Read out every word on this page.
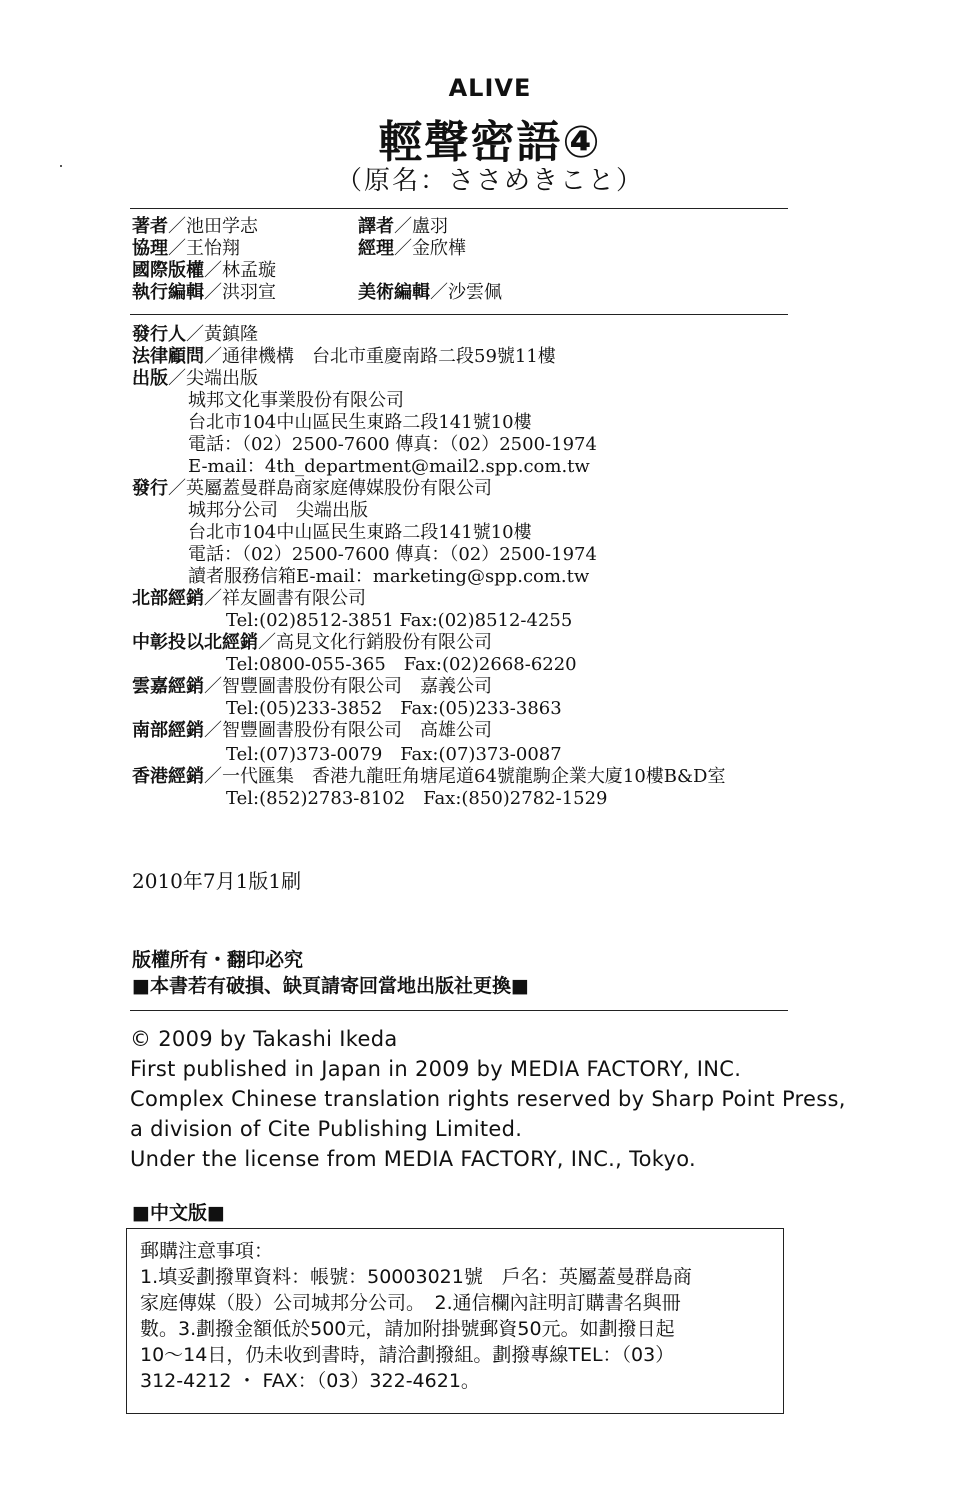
ALIVE
輕聲密語④
（原名：ささめきこと）
著者／池田学志	譯者／盧羽
協理／王怡翔	經理／金欣樺
國際版權／林孟璇
執行編輯／洪羽宣	美術編輯／沙雲佩
發行人／黃鎮隆
法律顧問／通律機構　台北市重慶南路二段59號11樓
出版／尖端出版
城邦文化事業股份有限公司
台北市104中山區民生東路二段141號10樓
電話：（02）2500-7600 傳真：（02）2500-1974
E-mail：4th_department@mail2.spp.com.tw
發行／英屬蓋曼群島商家庭傳媒股份有限公司
城邦分公司　尖端出版
台北市104中山區民生東路二段141號10樓
電話：（02）2500-7600 傳真：（02）2500-1974
讀者服務信箱E-mail：marketing@spp.com.tw
北部經銷／祥友圖書有限公司
Tel:(02)8512-3851 Fax:(02)8512-4255
中彰投以北經銷／高見文化行銷股份有限公司
Tel:0800-055-365　Fax:(02)2668-6220
雲嘉經銷／智豐圖書股份有限公司　嘉義公司
Tel:(05)233-3852　Fax:(05)233-3863
南部經銷／智豐圖書股份有限公司　高雄公司
Tel:(07)373-0079　Fax:(07)373-0087
香港經銷／一代匯集　香港九龍旺角塘尾道64號龍駒企業大廈10樓B&D室
Tel:(852)2783-8102　Fax:(850)2782-1529
2010年7月1版1刷
版權所有・翻印必究
■本書若有破損、缺頁請寄回當地出版社更換■
© 2009 by Takashi Ikeda
First published in Japan in 2009 by MEDIA FACTORY, INC.
Complex Chinese translation rights reserved by Sharp Point Press,
a division of Cite Publishing Limited.
Under the license from MEDIA FACTORY, INC., Tokyo.
■中文版■
郵購注意事項：
1.填妥劃撥單資料：帳號：50003021號　戶名：英屬蓋曼群島商
家庭傳媒（股）公司城邦分公司。　2.通信欄內註明訂購書名與冊
數。3.劃撥金額低於500元，請加附掛號郵資50元。如劃撥日起
10～14日，仍未收到書時，請洽劃撥組。劃撥專線TEL：（03）
312-4212 ・ FAX：（03）322-4621。
